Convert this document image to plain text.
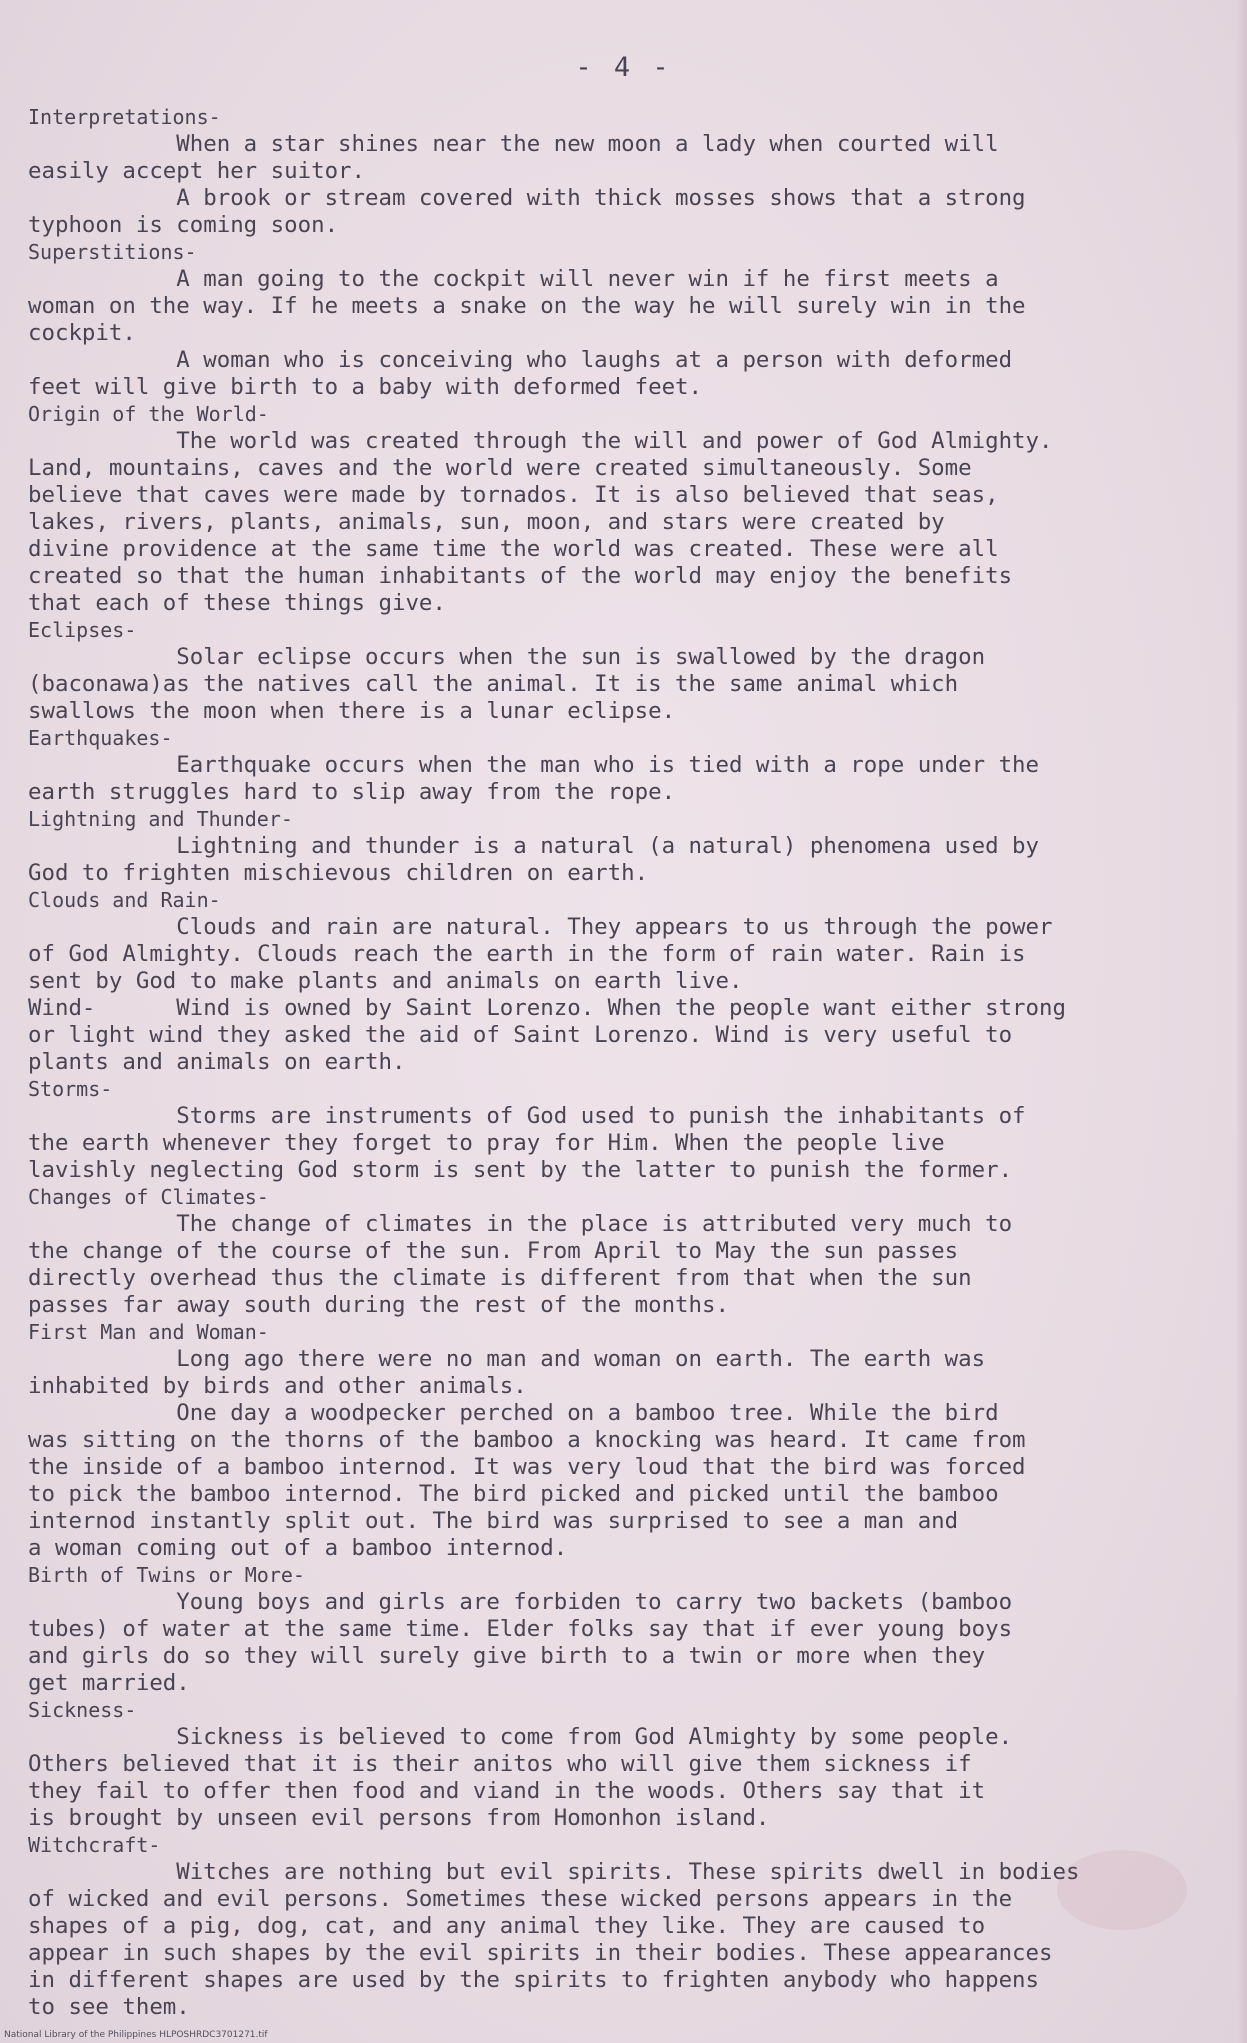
- 4 -
Interpretations-
When a star shines near the new moon a lady when courted will
easily accept her suitor.
A brook or stream covered with thick mosses shows that a strong
typhoon is coming soon.
Superstitions-
A man going to the cockpit will never win if he first meets a
woman on the way. If he meets a snake on the way he will surely win in the
cockpit.
A woman who is conceiving who laughs at a person with deformed
feet will give birth to a baby with deformed feet.
Origin of the World-
The world was created through the will and power of God Almighty.
Land, mountains, caves and the world were created simultaneously. Some
believe that caves were made by tornados. It is also believed that seas,
lakes, rivers, plants, animals, sun, moon, and stars were created by
divine providence at the same time the world was created. These were all
created so that the human inhabitants of the world may enjoy the benefits
that each of these things give.
Eclipses-
Solar eclipse occurs when the sun is swallowed by the dragon
(baconawa)as the natives call the animal. It is the same animal which
swallows the moon when there is a lunar eclipse.
Earthquakes-
Earthquake occurs when the man who is tied with a rope under the
earth struggles hard to slip away from the rope.
Lightning and Thunder-
Lightning and thunder is a natural (a natural) phenomena used by
God to frighten mischievous children on earth.
Clouds and Rain-
Clouds and rain are natural. They appears to us through the power
of God Almighty. Clouds reach the earth in the form of rain water. Rain is
sent by God to make plants and animals on earth live.
Wind-      Wind is owned by Saint Lorenzo. When the people want either strong
or light wind they asked the aid of Saint Lorenzo. Wind is very useful to
plants and animals on earth.
Storms-
Storms are instruments of God used to punish the inhabitants of
the earth whenever they forget to pray for Him. When the people live
lavishly neglecting God storm is sent by the latter to punish the former.
Changes of Climates-
The change of climates in the place is attributed very much to
the change of the course of the sun. From April to May the sun passes
directly overhead thus the climate is different from that when the sun
passes far away south during the rest of the months.
First Man and Woman-
Long ago there were no man and woman on earth. The earth was
inhabited by birds and other animals.
One day a woodpecker perched on a bamboo tree. While the bird
was sitting on the thorns of the bamboo a knocking was heard. It came from
the inside of a bamboo internod. It was very loud that the bird was forced
to pick the bamboo internod. The bird picked and picked until the bamboo
internod instantly split out. The bird was surprised to see a man and
a woman coming out of a bamboo internod.
Birth of Twins or More-
Young boys and girls are forbiden to carry two backets (bamboo
tubes) of water at the same time. Elder folks say that if ever young boys
and girls do so they will surely give birth to a twin or more when they
get married.
Sickness-
Sickness is believed to come from God Almighty by some people.
Others believed that it is their anitos who will give them sickness if
they fail to offer then food and viand in the woods. Others say that it
is brought by unseen evil persons from Homonhon island.
Witchcraft-
Witches are nothing but evil spirits. These spirits dwell in bodies
of wicked and evil persons. Sometimes these wicked persons appears in the
shapes of a pig, dog, cat, and any animal they like. They are caused to
appear in such shapes by the evil spirits in their bodies. These appearances
in different shapes are used by the spirits to frighten anybody who happens
to see them.
National Library of the Philippines HLPOSHRDC3701271.tif
